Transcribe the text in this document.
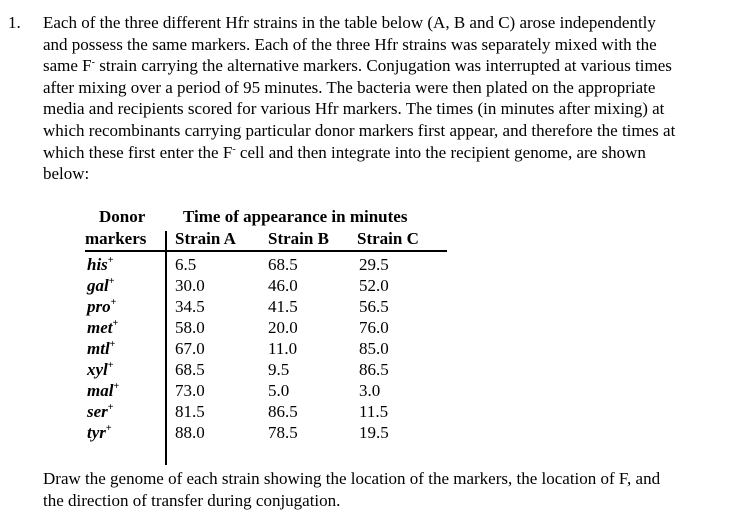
1. Each of the three different Hfr strains in the table below (A, B and C) arose independently
and possess the same markers. Each of the three Hfr strains was separately mixed with the
same F- strain carrying the alternative markers. Conjugation was interrupted at various times
after mixing over a period of 95 minutes. The bacteria were then plated on the appropriate
media and recipients scored for various Hfr markers. The times (in minutes after mixing) at
which recombinants carrying particular donor markers first appear, and therefore the times at
which these first enter the F- cell and then integrate into the recipient genome, are shown
below:
Donor Time of appearance in minutes
markers Strain A Strain B Strain C
his+	6.5	68.5	29.5
gal+	30.0	46.0	52.0
pro+	34.5	41.5	56.5
met+	58.0	20.0	76.0
mtl+	67.0	11.0	85.0
xyl+	68.5	9.5	86.5
mal+	73.0	5.0	3.0
ser+	81.5	86.5	11.5
tyr+	88.0	78.5	19.5
Draw the genome of each strain showing the location of the markers, the location of F, and
the direction of transfer during conjugation.
